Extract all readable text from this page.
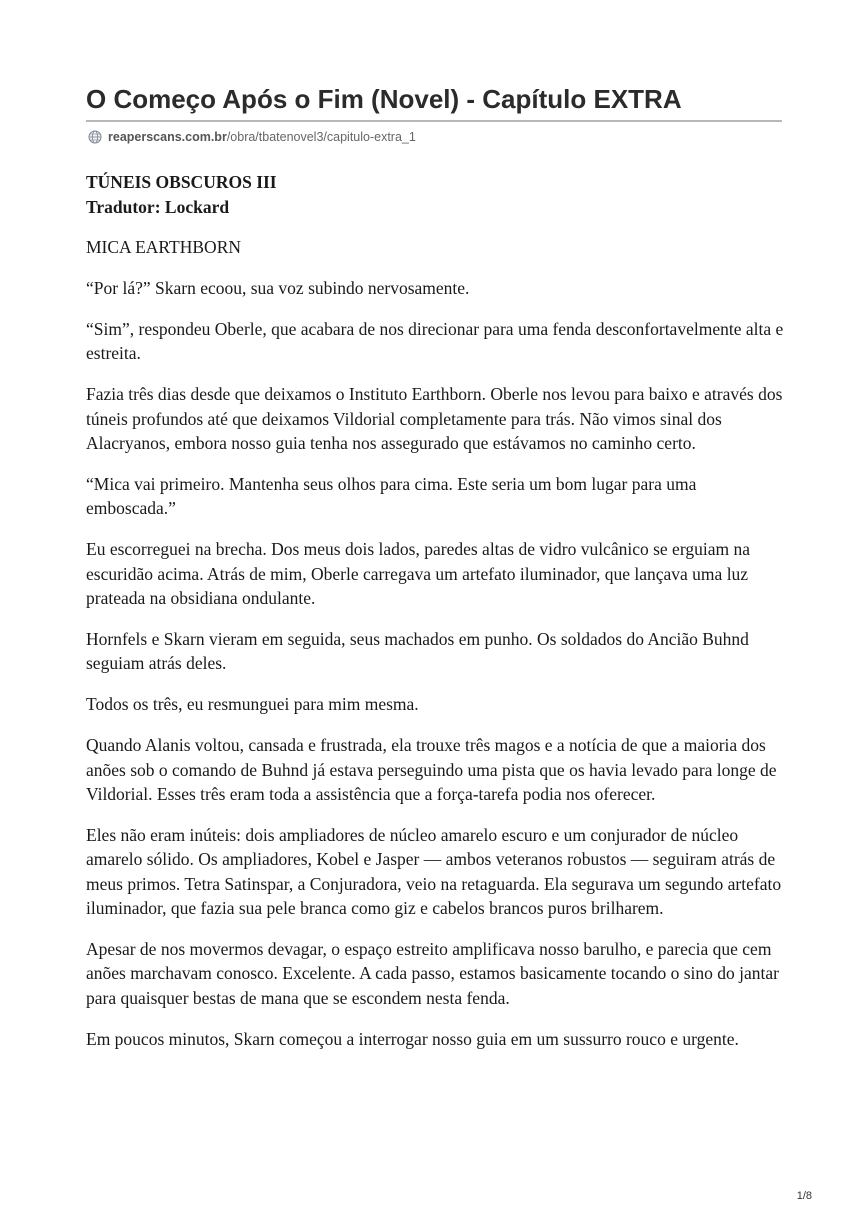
O Começo Após o Fim (Novel) - Capítulo EXTRA
reaperscans.com.br /obra/tbatenovel3/capitulo-extra_1
TÚNEIS OBSCUROS III
Tradutor: Lockard

MICA EARTHBORN

“Por lá?” Skarn ecoou, sua voz subindo nervosamente.

“Sim”, respondeu Oberle, que acabara de nos direcionar para uma fenda desconfortavelmente alta e estreita.

Fazia três dias desde que deixamos o Instituto Earthborn. Oberle nos levou para baixo e através dos túneis profundos até que deixamos Vildorial completamente para trás. Não vimos sinal dos Alacryanos, embora nosso guia tenha nos assegurado que estávamos no caminho certo.

“Mica vai primeiro. Mantenha seus olhos para cima. Este seria um bom lugar para uma emboscada.”

Eu escorreguei na brecha. Dos meus dois lados, paredes altas de vidro vulcânico se erguiam na escuridão acima. Atrás de mim, Oberle carregava um artefato iluminador, que lançava uma luz prateada na obsidiana ondulante.

Hornfels e Skarn vieram em seguida, seus machados em punho. Os soldados do Ancião Buhnd seguiam atrás deles.

Todos os três, eu resmunguei para mim mesma.

Quando Alanis voltou, cansada e frustrada, ela trouxe três magos e a notícia de que a maioria dos anões sob o comando de Buhnd já estava perseguindo uma pista que os havia levado para longe de Vildorial. Esses três eram toda a assistência que a força-tarefa podia nos oferecer.

Eles não eram inúteis: dois ampliadores de núcleo amarelo escuro e um conjurador de núcleo amarelo sólido. Os ampliadores, Kobel e Jasper — ambos veteranos robustos — seguiram atrás de meus primos. Tetra Satinspar, a Conjuradora, veio na retaguarda. Ela segurava um segundo artefato iluminador, que fazia sua pele branca como giz e cabelos brancos puros brilharem.

Apesar de nos movermos devagar, o espaço estreito amplificava nosso barulho, e parecia que cem anões marchavam conosco. Excelente. A cada passo, estamos basicamente tocando o sino do jantar para quaisquer bestas de mana que se escondem nesta fenda.

Em poucos minutos, Skarn começou a interrogar nosso guia em um sussurro rouco e urgente.

1/8
